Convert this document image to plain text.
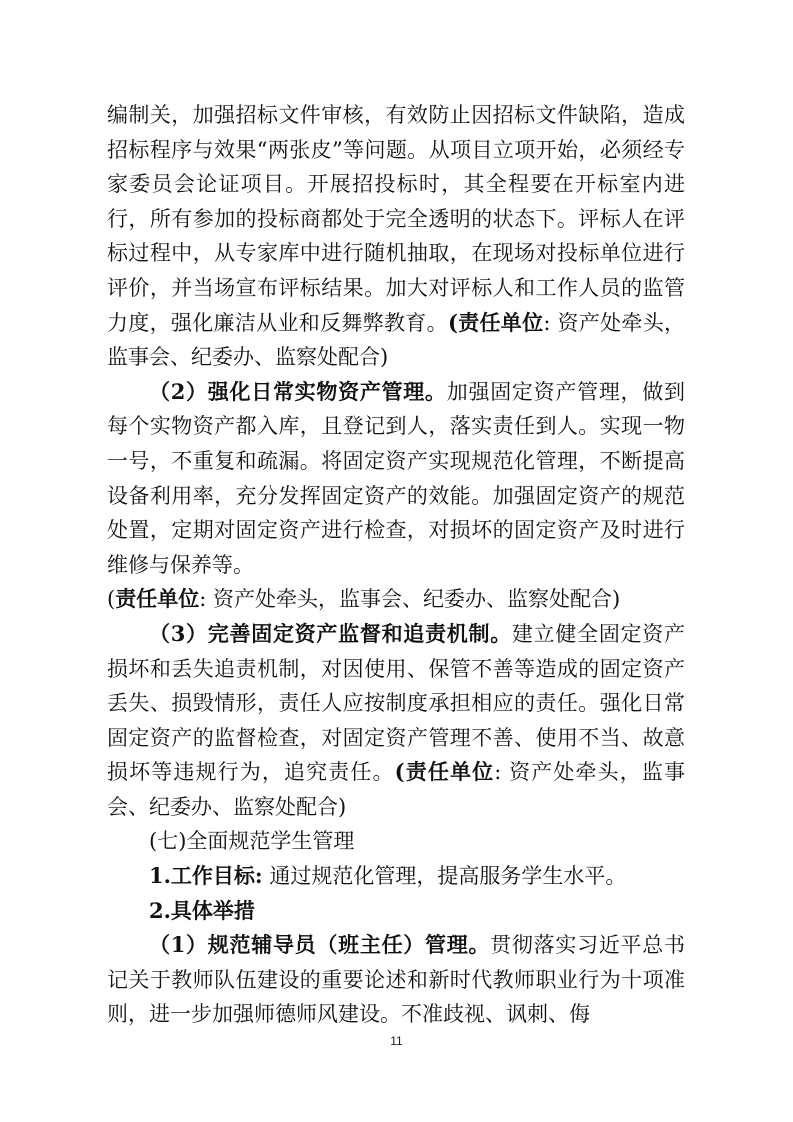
编制关，加强招标文件审核，有效防止因招标文件缺陷，造成招标程序与效果“两张皮”等问题。从项目立项开始，必须经专家委员会论证项目。开展招投标时，其全程要在开标室内进行，所有参加的投标商都处于完全透明的状态下。评标人在评标过程中，从专家库中进行随机抽取，在现场对投标单位进行评价，并当场宣布评标结果。加大对评标人和工作人员的监管力度，强化廉洁从业和反舞弊教育。(责任单位: 资产处牵头，监事会、纪委办、监察处配合)

（2）强化日常实物资产管理。加强固定资产管理，做到每个实物资产都入库，且登记到人，落实责任到人。实现一物一号，不重复和疏漏。将固定资产实现规范化管理，不断提高设备利用率，充分发挥固定资产的效能。加强固定资产的规范处置，定期对固定资产进行检查，对损坏的固定资产及时进行维修与保养等。

(责任单位: 资产处牵头，监事会、纪委办、监察处配合)

（3）完善固定资产监督和追责机制。建立健全固定资产损坏和丢失追责机制，对因使用、保管不善等造成的固定资产丢失、损毁情形，责任人应按制度承担相应的责任。强化日常固定资产的监督检查，对固定资产管理不善、使用不当、故意损坏等违规行为，追究责任。(责任单位: 资产处牵头，监事会、纪委办、监察处配合)

(七)全面规范学生管理

1.工作目标: 通过规范化管理，提高服务学生水平。

2.具体举措

（1）规范辅导员（班主任）管理。贯彻落实习近平总书记关于教师队伍建设的重要论述和新时代教师职业行为十项准则，进一步加强师德师风建设。不准歧视、讽刺、侮

11
